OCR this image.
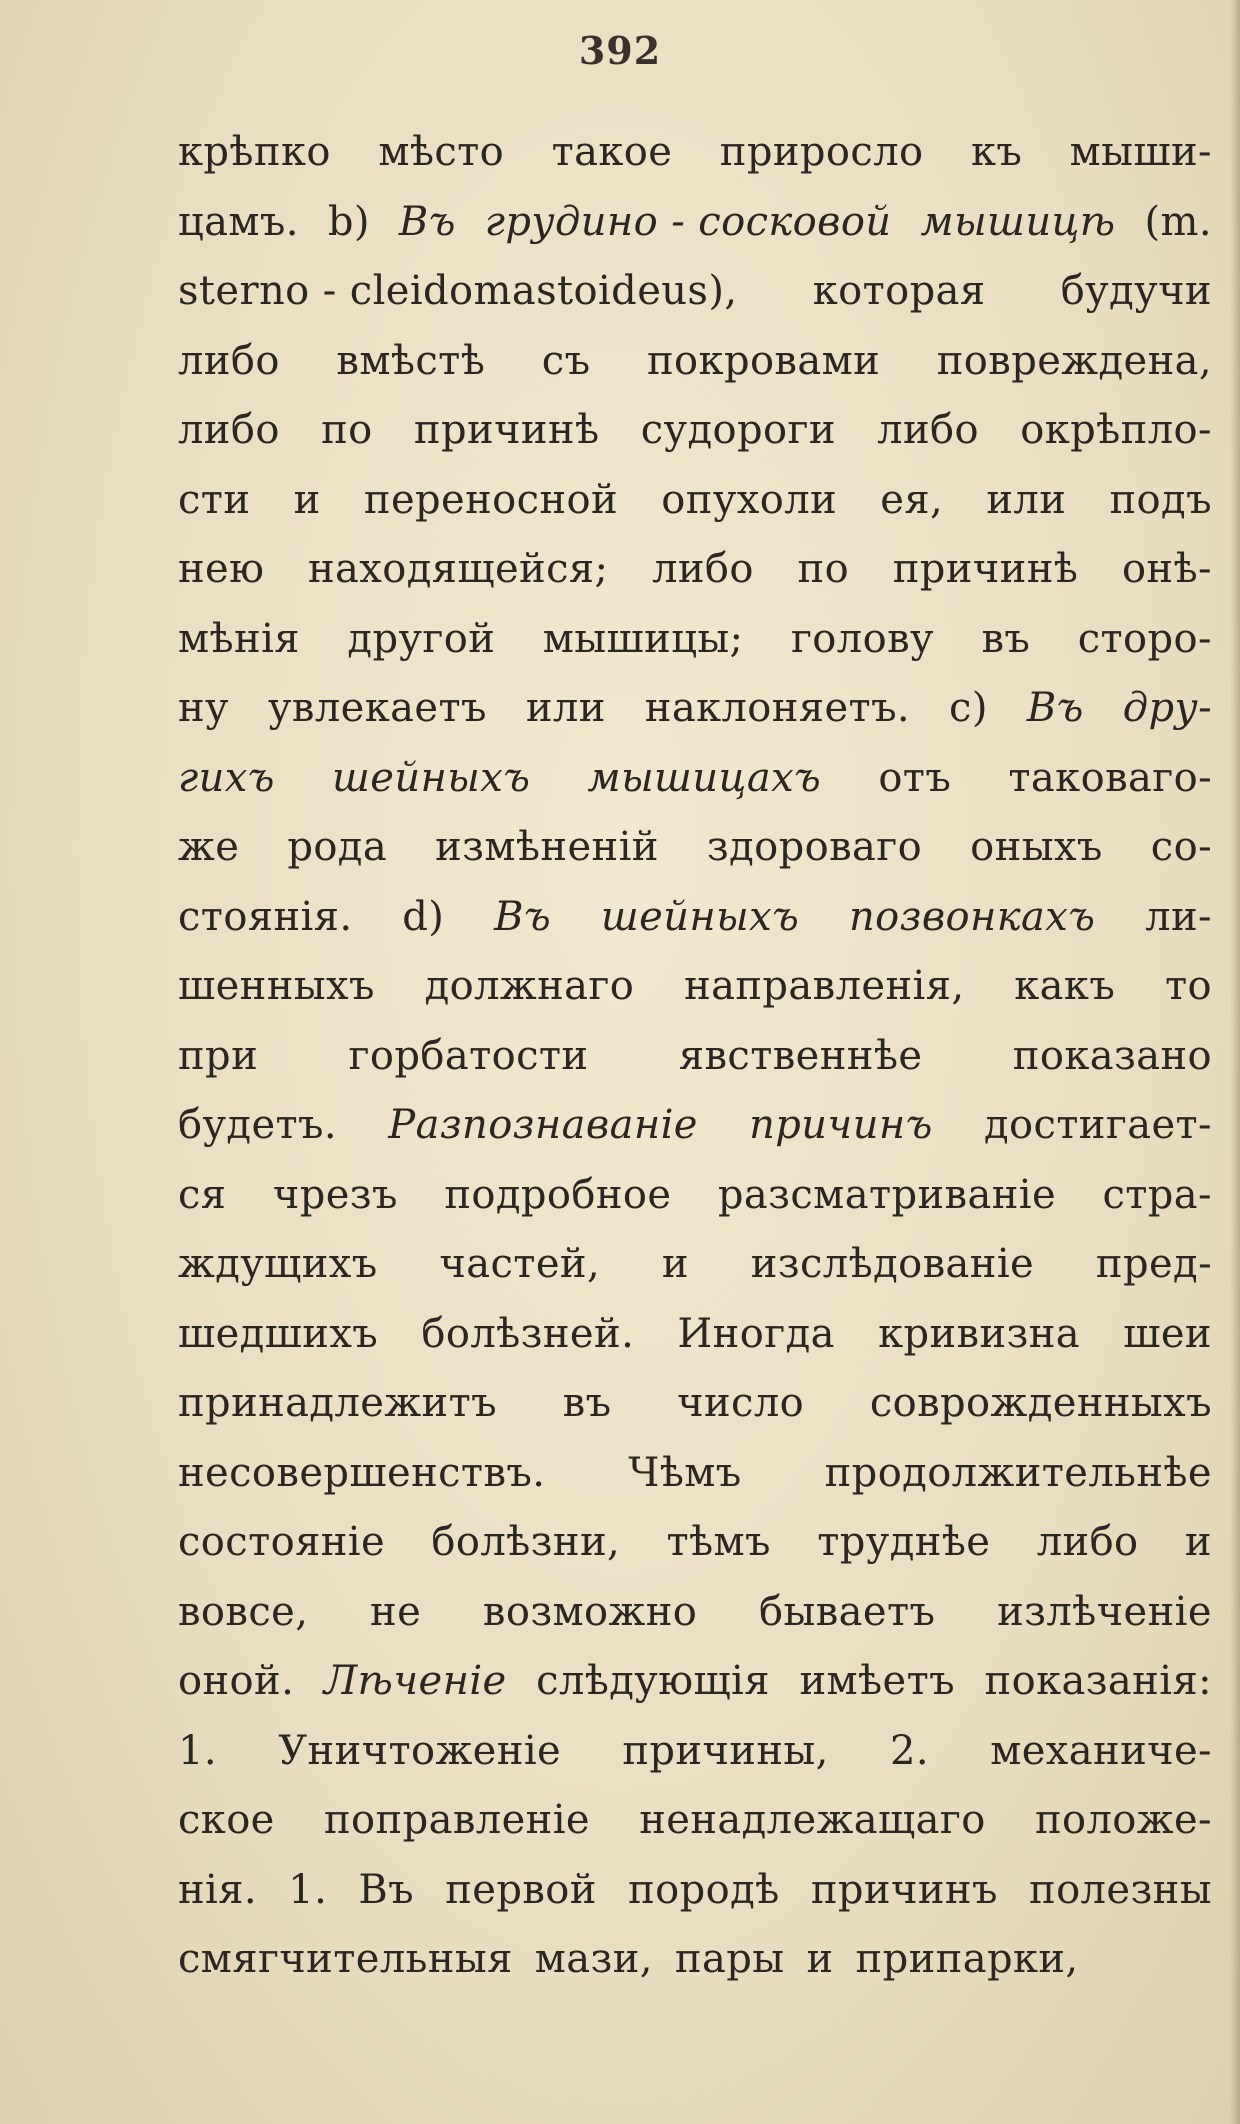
392
крѣпко мѣсто такое приросло къ мыши-
цамъ. b) Въ грудино - сосковой мышицѣ (m.
sterno - cleidomastoideus), которая будучи
либо вмѣстѣ съ покровами повреждена,
либо по причинѣ судороги либо окрѣпло-
сти и переносной опухоли ея, или подъ
нею находящейся; либо по причинѣ онѣ-
мѣнія другой мышицы; голову въ сторо-
ну увлекаетъ или наклоняетъ. c) Въ дру-
гихъ шейныхъ мышицахъ отъ таковаго-
же рода измѣненій здороваго оныхъ со-
стоянія. d) Въ шейныхъ позвонкахъ ли-
шенныхъ должнаго направленія, какъ то
при горбатости явственнѣе показано
будетъ. Разпознаваніе причинъ достигает-
ся чрезъ подробное разсматриваніе стра-
ждущихъ частей, и изслѣдованіе пред-
шедшихъ болѣзней. Иногда кривизна шеи
принадлежитъ въ число соврожденныхъ
несовершенствъ. Чѣмъ продолжительнѣе
состояніе болѣзни, тѣмъ труднѣе либо и
вовсе, не возможно бываетъ излѣченіе
оной. Лѣченіе слѣдующія имѣетъ показанія:
1. Уничтоженіе причины, 2. механиче-
ское поправленіе ненадлежащаго положе-
нія. 1. Въ первой породѣ причинъ полезны
смягчительныя мази, пары и припарки,
